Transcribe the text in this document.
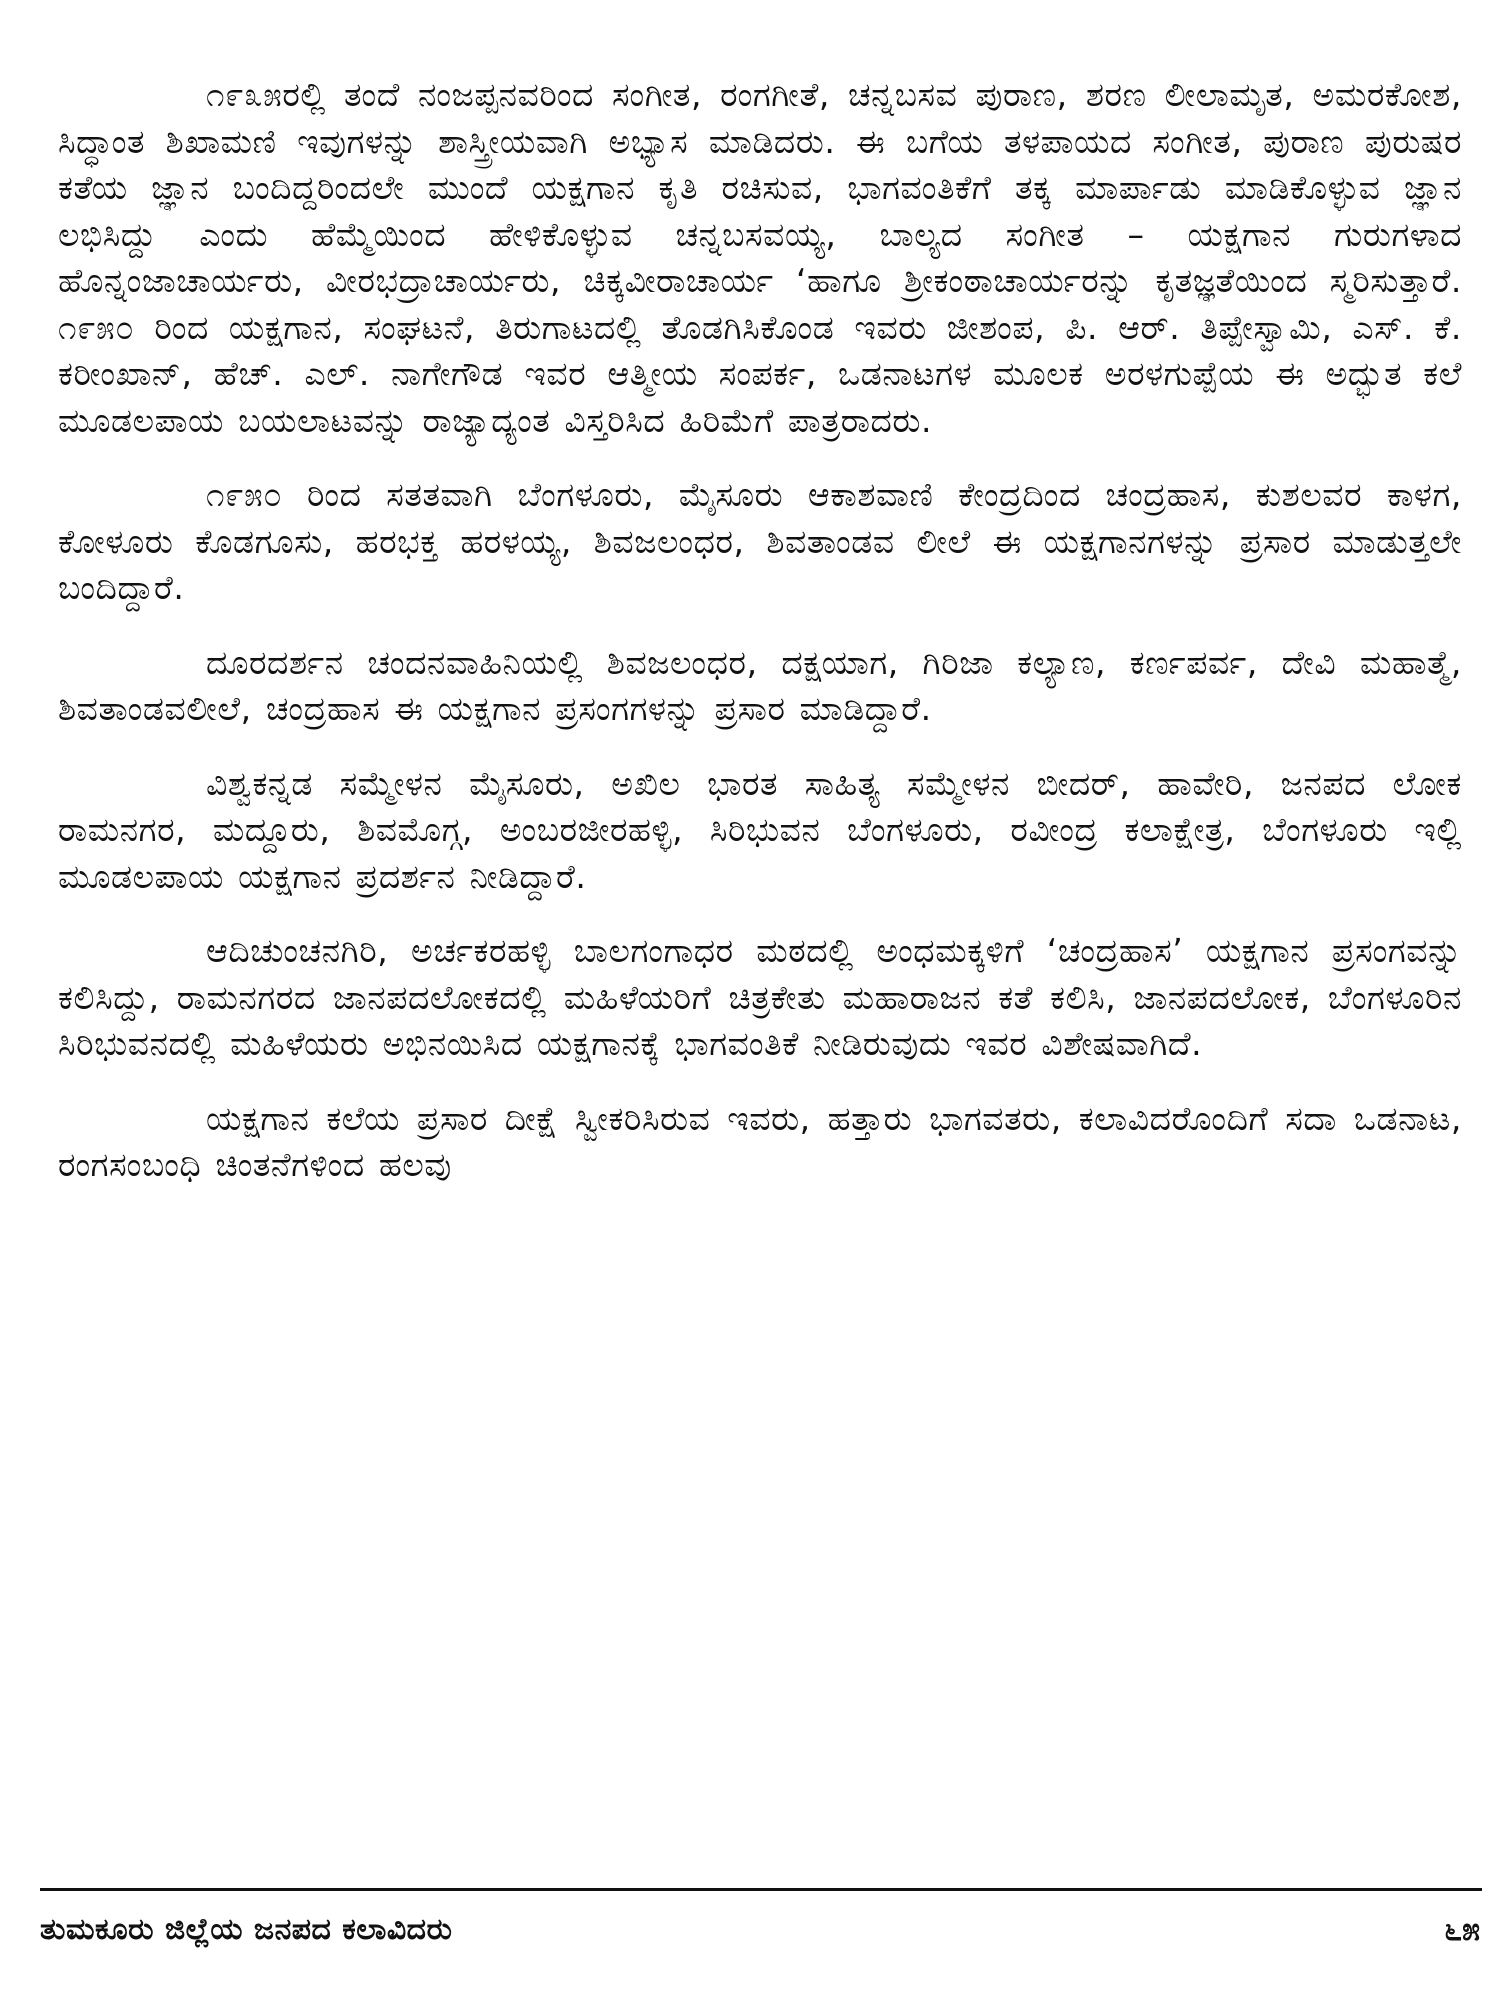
೧೯೩೫ರಲ್ಲಿ ತಂದೆ ನಂಜಪ್ಪನವರಿಂದ ಸಂಗೀತ, ರಂಗಗೀತೆ, ಚನ್ನಬಸವ ಪುರಾಣ, ಶರಣ ಲೀಲಾಮೃತ, ಅಮರಕೋಶ, ಸಿದ್ಧಾಂತ ಶಿಖಾಮಣಿ ಇವುಗಳನ್ನು ಶಾಸ್ತ್ರೀಯವಾಗಿ ಅಭ್ಯಾಸ ಮಾಡಿದರು. ಈ ಬಗೆಯ ತಳಪಾಯದ ಸಂಗೀತ, ಪುರಾಣ ಪುರುಷರ ಕತೆಯ ಜ್ಞಾನ ಬಂದಿದ್ದರಿಂದಲೇ ಮುಂದೆ ಯಕ್ಷಗಾನ ಕೃತಿ ರಚಿಸುವ, ಭಾಗವಂತಿಕೆಗೆ ತಕ್ಕ ಮಾರ್ಪಾಡು ಮಾಡಿಕೊಳ್ಳುವ ಜ್ಞಾನ ಲಭಿಸಿದ್ದು ಎಂದು ಹೆಮ್ಮೆಯಿಂದ ಹೇಳಿಕೊಳ್ಳುವ ಚನ್ನಬಸವಯ್ಯ, ಬಾಲ್ಯದ ಸಂಗೀತ – ಯಕ್ಷಗಾನ ಗುರುಗಳಾದ ಹೊನ್ನಂಜಾಚಾರ್ಯರು, ವೀರಭದ್ರಾಚಾರ್ಯರು, ಚಿಕ್ಕವೀರಾಚಾರ್ಯ ‘ಹಾಗೂ ಶ್ರೀಕಂಠಾಚಾರ್ಯರನ್ನು ಕೃತಜ್ಞತೆಯಿಂದ ಸ್ಮರಿಸುತ್ತಾರೆ. ೧೯೫೦ ರಿಂದ ಯಕ್ಷಗಾನ, ಸಂಘಟನೆ, ತಿರುಗಾಟದಲ್ಲಿ ತೊಡಗಿಸಿಕೊಂಡ ಇವರು ಜೀಶಂಪ, ಪಿ. ಆರ್. ತಿಪ್ಪೇಸ್ವಾಮಿ, ಎಸ್. ಕೆ. ಕರೀಂಖಾನ್, ಹೆಚ್. ಎಲ್. ನಾಗೇಗೌಡ ಇವರ ಆತ್ಮೀಯ ಸಂಪರ್ಕ, ಒಡನಾಟಗಳ ಮೂಲಕ ಅರಳಗುಪ್ಪೆಯ ಈ ಅದ್ಭುತ ಕಲೆ ಮೂಡಲಪಾಯ ಬಯಲಾಟವನ್ನು ರಾಜ್ಯಾದ್ಯಂತ ವಿಸ್ತರಿಸಿದ ಹಿರಿಮೆಗೆ ಪಾತ್ರರಾದರು.

೧೯೫೦ ರಿಂದ ಸತತವಾಗಿ ಬೆಂಗಳೂರು, ಮೈಸೂರು ಆಕಾಶವಾಣಿ ಕೇಂದ್ರದಿಂದ ಚಂದ್ರಹಾಸ, ಕುಶಲವರ ಕಾಳಗ, ಕೋಳೂರು ಕೊಡಗೂಸು, ಹರಭಕ್ತ ಹರಳಯ್ಯ, ಶಿವಜಲಂಧರ, ಶಿವತಾಂಡವ ಲೀಲೆ ಈ ಯಕ್ಷಗಾನಗಳನ್ನು ಪ್ರಸಾರ ಮಾಡುತ್ತಲೇ ಬಂದಿದ್ದಾರೆ.

ದೂರದರ್ಶನ ಚಂದನವಾಹಿನಿಯಲ್ಲಿ ಶಿವಜಲಂಧರ, ದಕ್ಷಯಾಗ, ಗಿರಿಜಾ ಕಲ್ಯಾಣ, ಕರ್ಣಪರ್ವ, ದೇವಿ ಮಹಾತ್ಮೆ, ಶಿವತಾಂಡವಲೀಲೆ, ಚಂದ್ರಹಾಸ ಈ ಯಕ್ಷಗಾನ ಪ್ರಸಂಗಗಳನ್ನು ಪ್ರಸಾರ ಮಾಡಿದ್ದಾರೆ.

ವಿಶ್ವಕನ್ನಡ ಸಮ್ಮೇಳನ ಮೈಸೂರು, ಅಖಿಲ ಭಾರತ ಸಾಹಿತ್ಯ ಸಮ್ಮೇಳನ ಬೀದರ್, ಹಾವೇರಿ, ಜನಪದ ಲೋಕ ರಾಮನಗರ, ಮದ್ದೂರು, ಶಿವಮೊಗ್ಗ, ಅಂಬರಜೀರಹಳ್ಳಿ, ಸಿರಿಭುವನ ಬೆಂಗಳೂರು, ರವೀಂದ್ರ ಕಲಾಕ್ಷೇತ್ರ, ಬೆಂಗಳೂರು ಇಲ್ಲಿ ಮೂಡಲಪಾಯ ಯಕ್ಷಗಾನ ಪ್ರದರ್ಶನ ನೀಡಿದ್ದಾರೆ.

ಆದಿಚುಂಚನಗಿರಿ, ಅರ್ಚಕರಹಳ್ಳಿ ಬಾಲಗಂಗಾಧರ ಮಠದಲ್ಲಿ ಅಂಧಮಕ್ಕಳಿಗೆ ‘ಚಂದ್ರಹಾಸ’ ಯಕ್ಷಗಾನ ಪ್ರಸಂಗವನ್ನು ಕಲಿಸಿದ್ದು, ರಾಮನಗರದ ಜಾನಪದಲೋಕದಲ್ಲಿ ಮಹಿಳೆಯರಿಗೆ ಚಿತ್ರಕೇತು ಮಹಾರಾಜನ ಕತೆ ಕಲಿಸಿ, ಜಾನಪದಲೋಕ, ಬೆಂಗಳೂರಿನ ಸಿರಿಭುವನದಲ್ಲಿ ಮಹಿಳೆಯರು ಅಭಿನಯಿಸಿದ ಯಕ್ಷಗಾನಕ್ಕೆ ಭಾಗವಂತಿಕೆ ನೀಡಿರುವುದು ಇವರ ವಿಶೇಷವಾಗಿದೆ.

ಯಕ್ಷಗಾನ ಕಲೆಯ ಪ್ರಸಾರ ದೀಕ್ಷೆ ಸ್ವೀಕರಿಸಿರುವ ಇವರು, ಹತ್ತಾರು ಭಾಗವತರು, ಕಲಾವಿದರೊಂದಿಗೆ ಸದಾ ಒಡನಾಟ, ರಂಗಸಂಬಂಧಿ ಚಿಂತನೆಗಳಿಂದ ಹಲವು

ತುಮಕೂರು ಜಿಲ್ಲೆಯ ಜನಪದ ಕಲಾವಿದರು	೬೫
